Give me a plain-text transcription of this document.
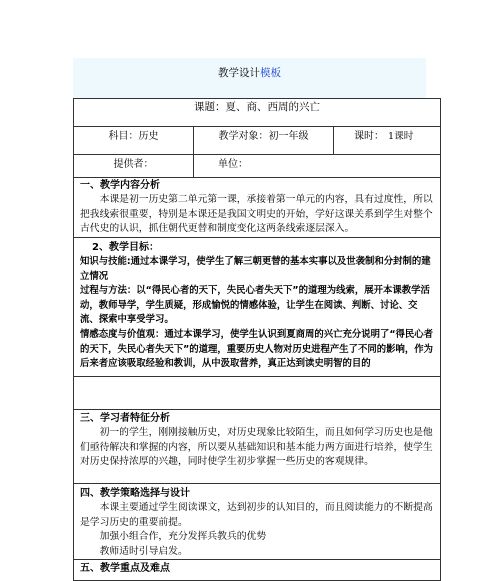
教学设计模板
课题：夏、商、西周的兴亡		
科目：历史	教学对象：初一年级	课时： 1课时
提供者：	单位：	

一、教学内容分析
本课是初一历史第二单元第一课，承接着第一单元的内容，具有过度性，所以把我线索很重要，特别是本课还是我国文明史的开始，学好这课关系到学生对整个古代史的认识，抓住朝代更替和制度变化这两条线索逐层深入。		

2、教学目标：
知识与技能:通过本课学习，使学生了解三朝更替的基本实事以及世袭制和分封制的建立情况
过程与方法：以“得民心者的天下，失民心者失天下”的道理为线索，展开本课教学活动，教师导学，学生质疑，形成愉悦的情感体验，让学生在阅读、判断、讨论、交流、探索中享受学习。
情感态度与价值观：通过本课学习，使学生认识到夏商周的兴亡充分说明了“得民心者的天下，失民心者失天下”的道理，重要历史人物对历史进程产生了不同的影响，作为后来者应该吸取经验和教训，从中汲取营养，真正达到读史明智的目的		

三、学习者特征分析
初一的学生，刚刚接触历史，对历史现象比较陌生，而且如何学习历史也是他们亟待解决和掌握的内容，所以要从基础知识和基本能力两方面进行培养，使学生对历史保持浓厚的兴趣，同时使学生初步掌握一些历史的客观规律。		

四、教学策略选择与设计
本课主要通过学生阅读课文，达到初步的认知目的，而且阅读能力的不断提高是学习历史的重要前提。
加强小组合作，充分发挥兵教兵的优势
教师适时引导启发。		

五、教学重点及难点		
